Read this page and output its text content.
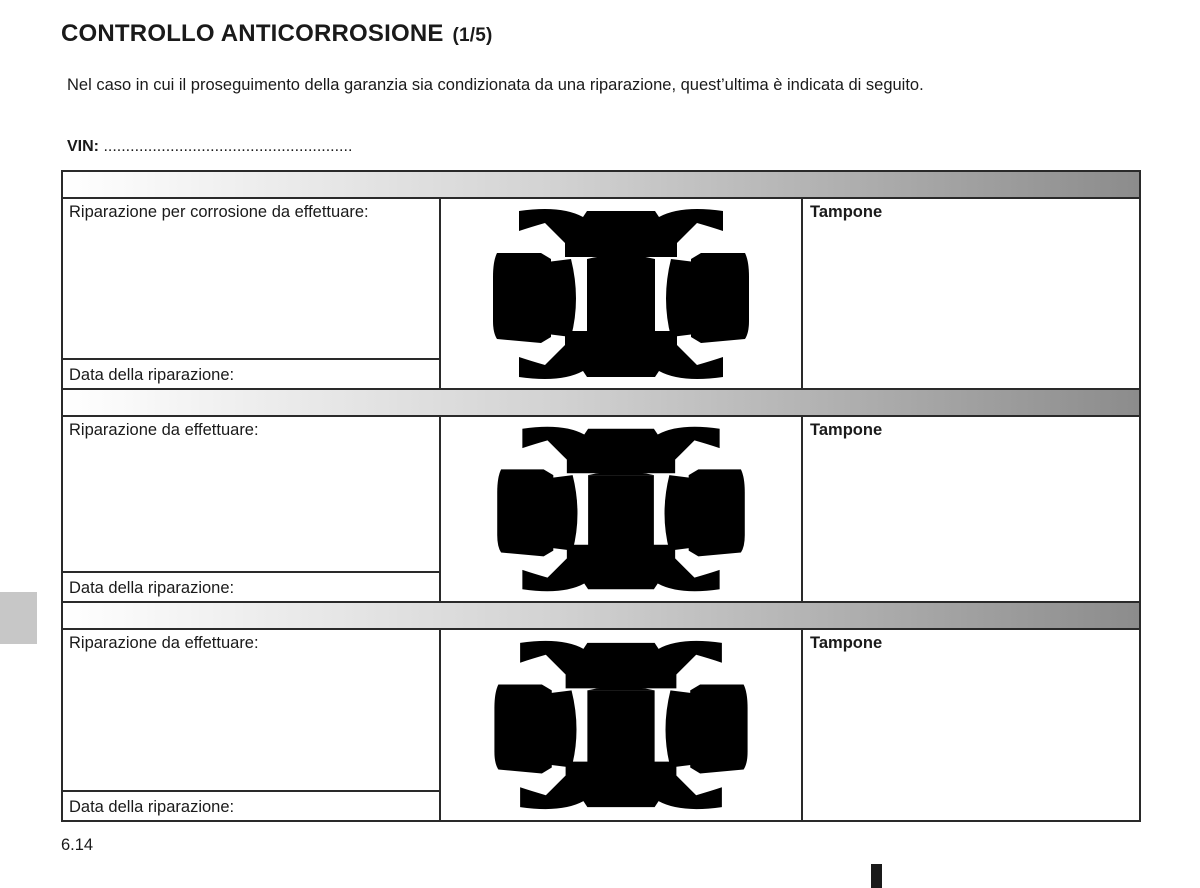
CONTROLLO ANTICORROSIONE (1/5)

Nel caso in cui il proseguimento della garanzia sia condizionata da una riparazione, quest’ultima è indicata di seguito.

VIN: ........................................................
Riparazione per corrosione da effettuare:
Data della riparazione:
Tampone
Riparazione da effettuare:
Data della riparazione:
Tampone
Riparazione da effettuare:
Data della riparazione:
Tampone
6.14
